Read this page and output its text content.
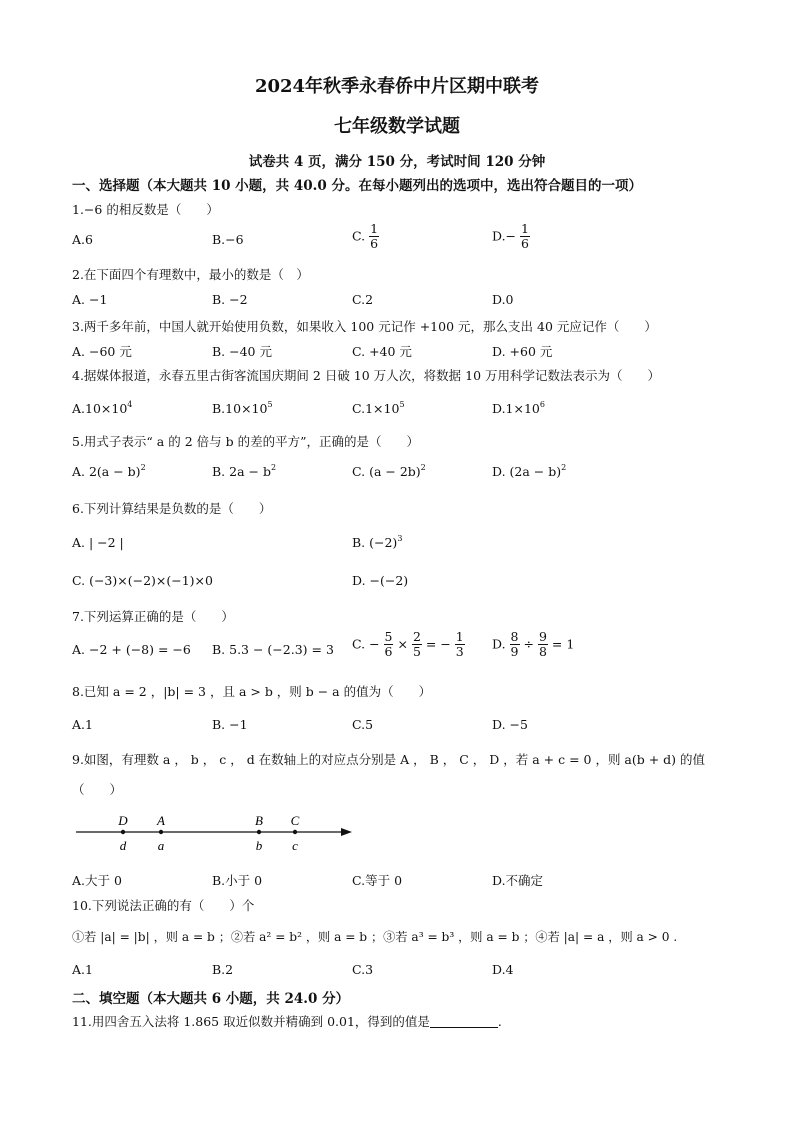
2024年秋季永春侨中片区期中联考
七年级数学试题
试卷共 4 页，满分 150 分，考试时间 120 分钟
一、选择题（本大题共 10 小题，共 40.0 分。在每小题列出的选项中，选出符合题目的一项）
1.−6 的相反数是（　　）
A.6	B.−6	C. $\frac{1}{6}$	$D.- \frac{1}{6}$
2.在下面四个有理数中，最小的数是（　）
A. −1	B. −2	C.2	D.0
3.两千多年前，中国人就开始使用负数，如果收入 100 元记作 +100 元，那么支出 40 元应记作（　　）
A. −60 元	B. −40 元	C. +40 元	D. +60 元
4.据媒体报道，永春五里古街客流国庆期间 2 日破 10 万人次，将数据 10 万用科学记数法表示为（　　）
$A.10\times 10^4$	$B.10\times 10^5$	$C.1\times 10^5$	$D.1\times 10^6$
5.用式子表示“ a 的 2 倍与 b 的差的平方”，正确的是（　　）
A. $2(a - b)^2$	B. $2a - b^2$	C. $(a - 2b)^2$	D. $(2a - b)^2$
6.下列计算结果是负数的是（　　）
A. | −2 |	B. $(-2)^3$
C. (−3)×(−2)×(−1)×0	D. −(−2)
7.下列运算正确的是（　　）
A. −2 + (−8) = −6 B. 5.3 − (−2.3) = 3 C. − $\frac{5}{6} \times \frac{2}{5}$ = − $\frac{1}{3} D$. $\frac{8}{9} \div \frac{9}{8} = 1$
8.已知 a = 2 ，|b| = 3 ，且 a > b ，则 b − a 的值为（　　）
A.1	B. −1	C.5	D. −5
9.如图，有理数 a ， b ， c ， d 在数轴上的对应点分别是 A ， B ， C ， D ，若 a + c = 0 ，则 a(b + d) 的值
（　　）
D A	B C
d a	b c
A.大于 0	B.小于 0	C.等于 0	D.不确定
10.下列说法正确的有（　　）个
①若 |a| = |b| ，则 a = b ；②若 a² = b² ，则 a = b ；③若 a³ = b³ ，则 a = b ；④若 |a| = a ，则 a > 0 .
A.1	B.2	C.3	D.4
二、填空题（本大题共 6 小题，共 24.0 分）
11.用四舍五入法将 1.865 取近似数并精确到 0.01，得到的值是	.
